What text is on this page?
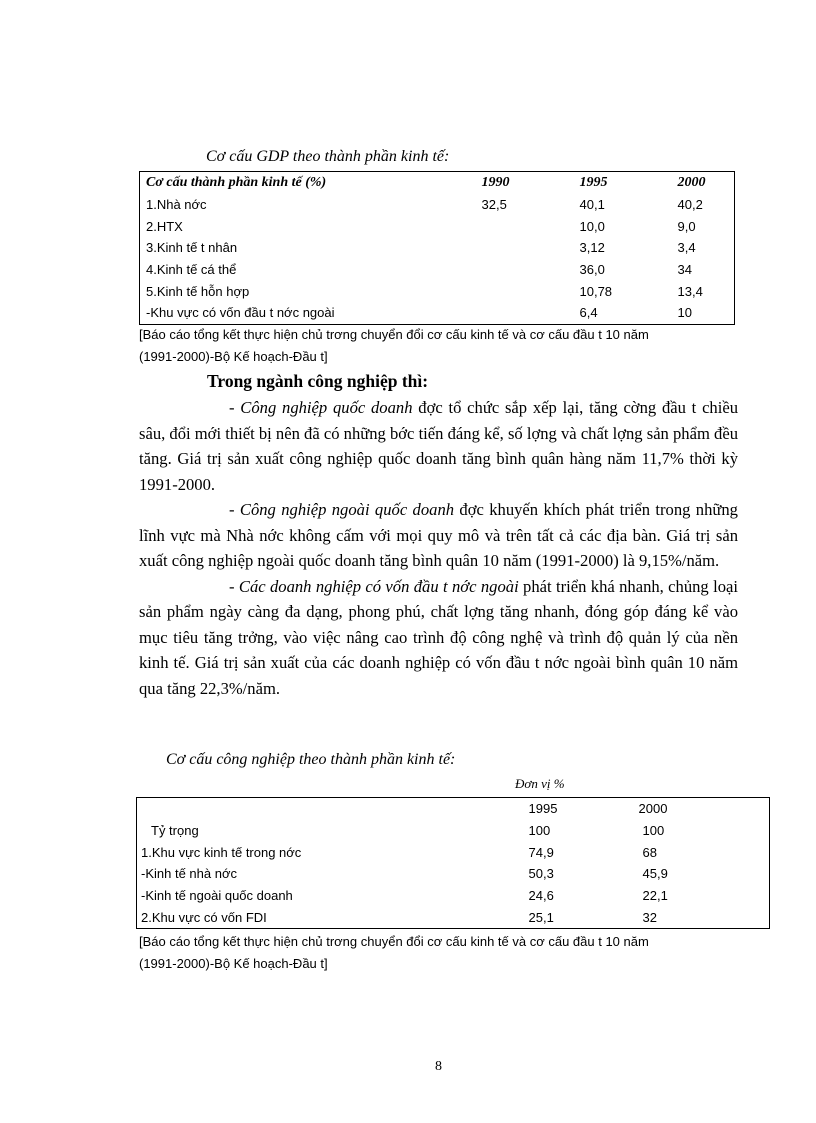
Cơ cấu GDP theo thành phần kinh tế:
Cơ cấu thành phần kinh tế (%)	1990	1995	2000
1.Nhà nớc	32,5	40,1	40,2
2.HTX		10,0	9,0
3.Kinh tế t nhân		3,12	3,4
4.Kinh tế cá thể		36,0	34
5.Kinh tế hỗn hợp		10,78	13,4
-Khu vực có vốn đầu t nớc ngoài		6,4	10
[Báo cáo tổng kết thực hiện chủ trơng chuyển đổi cơ cấu kinh tế và cơ cấu đầu t 10 năm
(1991-2000)-Bộ Kế hoạch-Đầu t]
Trong ngành công nghiệp thì:

- Công nghiệp quốc doanh đợc tổ chức sắp xếp lại, tăng cờng đầu t chiều sâu, đổi mới thiết bị nên đã có những bớc tiến đáng kể, số lợng và chất lợng sản phẩm đều tăng. Giá trị sản xuất công nghiệp quốc doanh tăng bình quân hàng năm 11,7% thời kỳ 1991-2000.

- Công nghiệp ngoài quốc doanh đợc khuyến khích phát triển trong những lĩnh vực mà Nhà nớc không cấm với mọi quy mô và trên tất cả các địa bàn. Giá trị sản xuất công nghiệp ngoài quốc doanh tăng bình quân 10 năm (1991-2000) là 9,15%/năm.

- Các doanh nghiệp có vốn đầu t nớc ngoài phát triển khá nhanh, chủng loại sản phẩm ngày càng đa dạng, phong phú, chất lợng tăng nhanh, đóng góp đáng kể vào mục tiêu tăng trởng, vào việc nâng cao trình độ công nghệ và trình độ quản lý của nền kinh tế. Giá trị sản xuất của các doanh nghiệp có vốn đầu t nớc ngoài bình quân 10 năm qua tăng 22,3%/năm.

Cơ cấu công nghiệp theo thành phần kinh tế:
Đơn vị %
	1995	2000
Tỷ trọng	100	100
1.Khu vực kinh tế trong nớc	74,9	68
-Kinh tế nhà nớc	50,3	45,9
-Kinh tế ngoài quốc doanh	24,6	22,1
2.Khu vực có vốn FDI	25,1	32
[Báo cáo tổng kết thực hiện chủ trơng chuyển đổi cơ cấu kinh tế và cơ cấu đầu t 10 năm
(1991-2000)-Bộ Kế hoạch-Đầu t]
8
